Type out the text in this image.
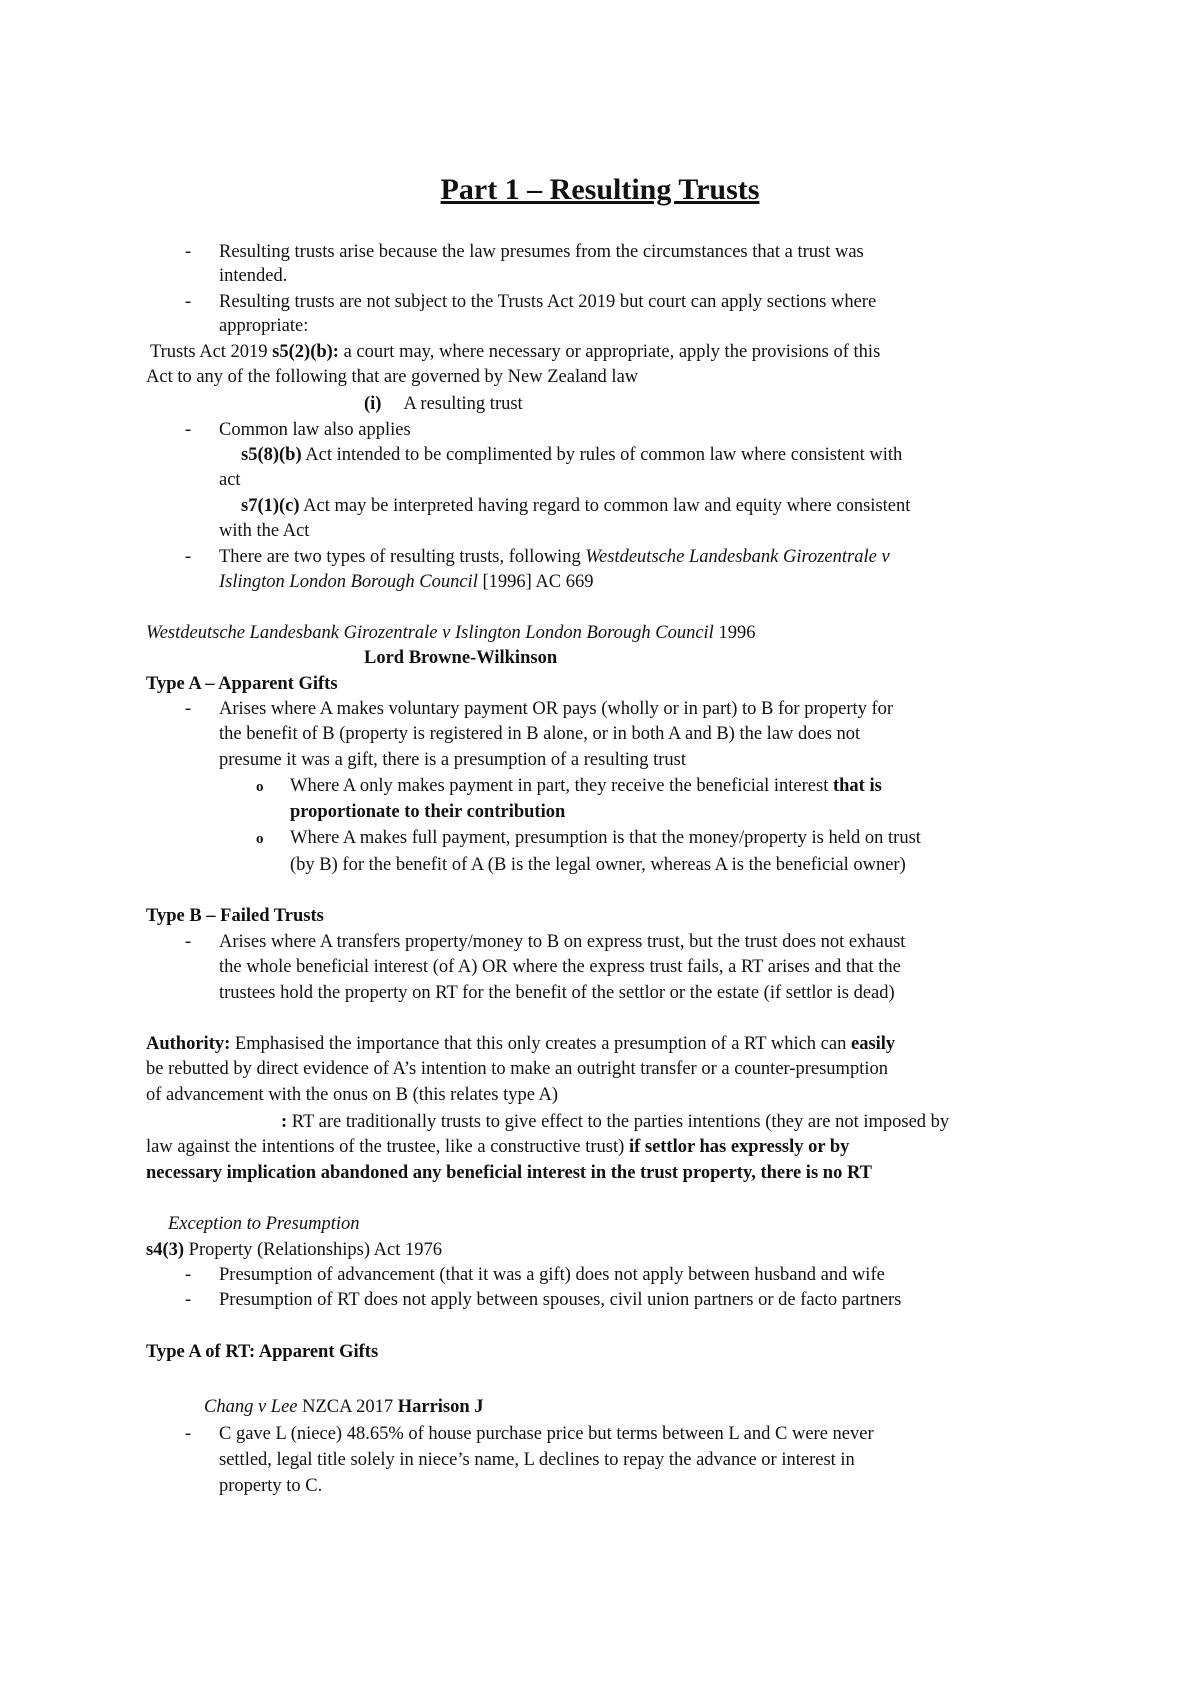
Part 1 – Resulting Trusts
- Resulting trusts arise because the law presumes from the circumstances that a trust was
intended.
- Resulting trusts are not subject to the Trusts Act 2019 but court can apply sections where
appropriate:
Trusts Act 2019 s5(2)(b): a court may, where necessary or appropriate, apply the provisions of this
Act to any of the following that are governed by New Zealand law
(i) A resulting trust
- Common law also applies
s5(8)(b) Act intended to be complimented by rules of common law where consistent with
act
s7(1)(c) Act may be interpreted having regard to common law and equity where consistent
with the Act
- There are two types of resulting trusts, following Westdeutsche Landesbank Girozentrale v
Islington London Borough Council [1996] AC 669
Westdeutsche Landesbank Girozentrale v Islington London Borough Council 1996
Lord Browne-Wilkinson
Type A – Apparent Gifts
- Arises where A makes voluntary payment OR pays (wholly or in part) to B for property for
the benefit of B (property is registered in B alone, or in both A and B) the law does not
presume it was a gift, there is a presumption of a resulting trust
o Where A only makes payment in part, they receive the beneficial interest that is
proportionate to their contribution
o Where A makes full payment, presumption is that the money/property is held on trust
(by B) for the benefit of A (B is the legal owner, whereas A is the beneficial owner)
Type B – Failed Trusts
- Arises where A transfers property/money to B on express trust, but the trust does not exhaust
the whole beneficial interest (of A) OR where the express trust fails, a RT arises and that the
trustees hold the property on RT for the benefit of the settlor or the estate (if settlor is dead)
Authority: Emphasised the importance that this only creates a presumption of a RT which can easily
be rebutted by direct evidence of A’s intention to make an outright transfer or a counter-presumption
of advancement with the onus on B (this relates type A)
: RT are traditionally trusts to give effect to the parties intentions (they are not imposed by
law against the intentions of the trustee, like a constructive trust) if settlor has expressly or by
necessary implication abandoned any beneficial interest in the trust property, there is no RT
Exception to Presumption
s4(3) Property (Relationships) Act 1976
- Presumption of advancement (that it was a gift) does not apply between husband and wife
- Presumption of RT does not apply between spouses, civil union partners or de facto partners
Type A of RT: Apparent Gifts
Chang v Lee NZCA 2017 Harrison J
- C gave L (niece) 48.65% of house purchase price but terms between L and C were never
settled, legal title solely in niece’s name, L declines to repay the advance or interest in
property to C.
